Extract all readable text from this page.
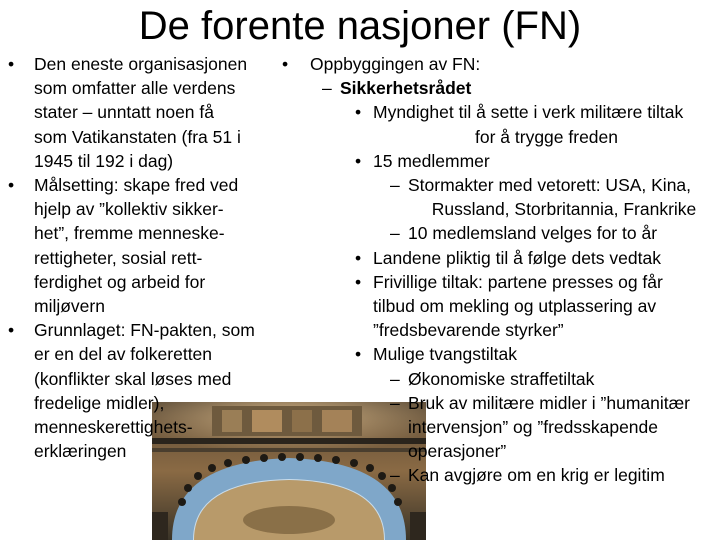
De forente nasjoner (FN)
• Den eneste organisasjonen
som omfatter alle verdens
stater – unntatt noen få
som Vatikanstaten (fra 51 i
1945 til 192 i dag)
• Målsetting: skape fred ved
hjelp av ”kollektiv sikker-
het”, fremme menneske-
rettigheter, sosial rett-
ferdighet og arbeid for
miljøvern
• Grunnlaget: FN-pakten, som
er en del av folkeretten
(konflikter skal løses med
fredelige midler),
menneskerettighets-
erklæringen
• Oppbyggingen av FN:
– Sikkerhetsrådet
• Myndighet til å sette i verk militære tiltak
for å trygge freden
• 15 medlemmer
– Stormakter med vetorett: USA, Kina,
Russland, Storbritannia, Frankrike
– 10 medlemsland velges for to år
• Landene pliktig til å følge dets vedtak
• Frivillige tiltak: partene presses og får
tilbud om mekling og utplassering av
”fredsbevarende styrker”
• Mulige tvangstiltak
– Økonomiske straffetiltak
– Bruk av militære midler i ”humanitær
intervensjon” og ”fredsskapende
operasjoner”
– Kan avgjøre om en krig er legitim
